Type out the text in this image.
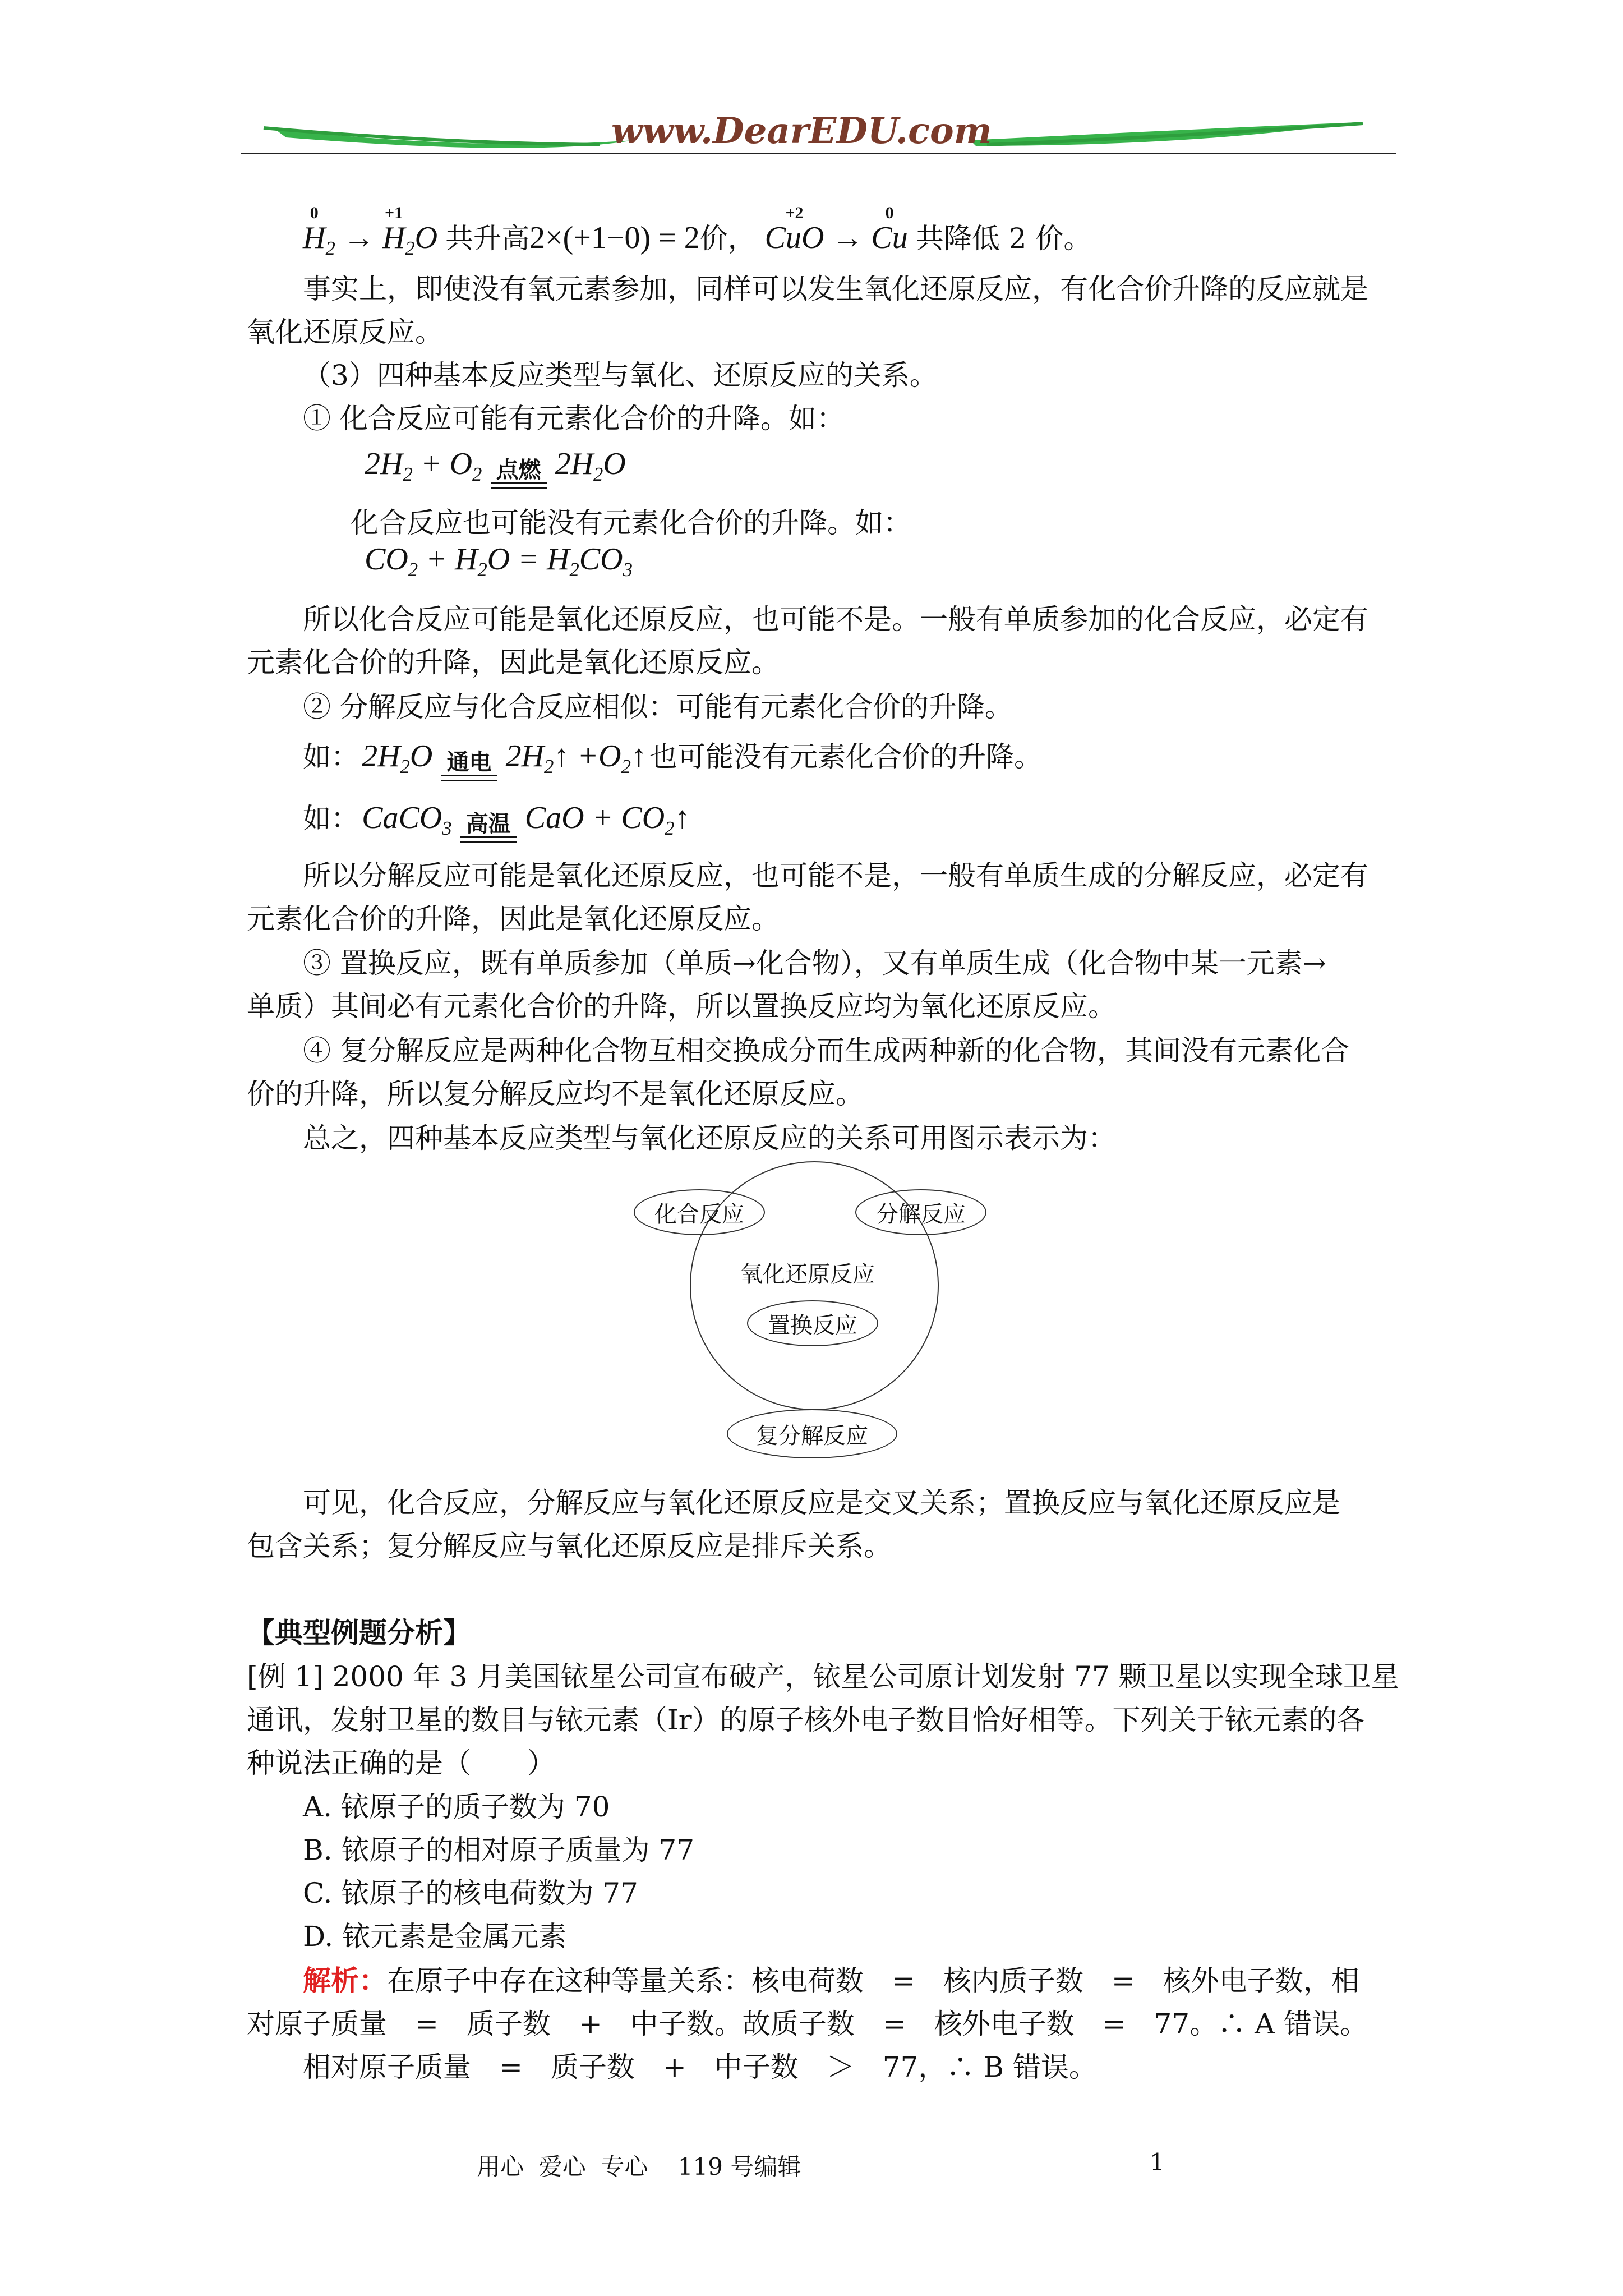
www.DearEDU.com
0
$H_2$ →
+1
$H_2O$ 共升高2×(+1−0) = 2价，
+2
CuO →
0
Cu 共降低 2 价。
事实上，即使没有氧元素参加，同样可以发生氧化还原反应，有化合价升降的反应就是
氧化还原反应。
（3）四种基本反应类型与氧化、还原反应的关系。
① 化合反应可能有元素化合价的升降。如：
$2H_2 + O_2$ 点燃 $2H_2O$
化合反应也可能没有元素化合价的升降。如：
$CO_2 + H_2O = H_2CO_3$
所以化合反应可能是氧化还原反应，也可能不是。一般有单质参加的化合反应，必定有
元素化合价的升降，因此是氧化还原反应。
② 分解反应与化合反应相似：可能有元素化合价的升降。
如： $2H_2O$ 通电 $2H_2↑$ $+O_2↑$ 也可能没有元素化合价的升降。
如： CaCO$_3$ 高温 CaO + $CO_2↑$
所以分解反应可能是氧化还原反应，也可能不是，一般有单质生成的分解反应，必定有
元素化合价的升降，因此是氧化还原反应。
③ 置换反应，既有单质参加（单质→化合物），又有单质生成（化合物中某一元素→
单质）其间必有元素化合价的升降，所以置换反应均为氧化还原反应。
④ 复分解反应是两种化合物互相交换成分而生成两种新的化合物，其间没有元素化合
价的升降，所以复分解反应均不是氧化还原反应。
总之，四种基本反应类型与氧化还原反应的关系可用图示表示为：
氧化还原反应
化合反应	分解反应
置换反应
复分解反应
可见，化合反应，分解反应与氧化还原反应是交叉关系；置换反应与氧化还原反应是
包含关系；复分解反应与氧化还原反应是排斥关系。
【典型例题分析】
[例 1] 2000 年 3 月美国铱星公司宣布破产，铱星公司原计划发射 77 颗卫星以实现全球卫星
通讯，发射卫星的数目与铱元素（Ir）的原子核外电子数目恰好相等。下列关于铱元素的各
种说法正确的是（　　）
A. 铱原子的质子数为 70
B. 铱原子的相对原子质量为 77
C. 铱原子的核电荷数为 77
D. 铱元素是金属元素
解析：在原子中存在这种等量关系：核电荷数　=　核内质子数　=　核外电子数，相
对原子质量　=　质子数　+　中子数。故质子数　=　核外电子数　=　77。∴ A 错误。
相对原子质量　=　质子数　+　中子数　＞　77，∴ B 错误。
用心  爱心  专心    119 号编辑	1
